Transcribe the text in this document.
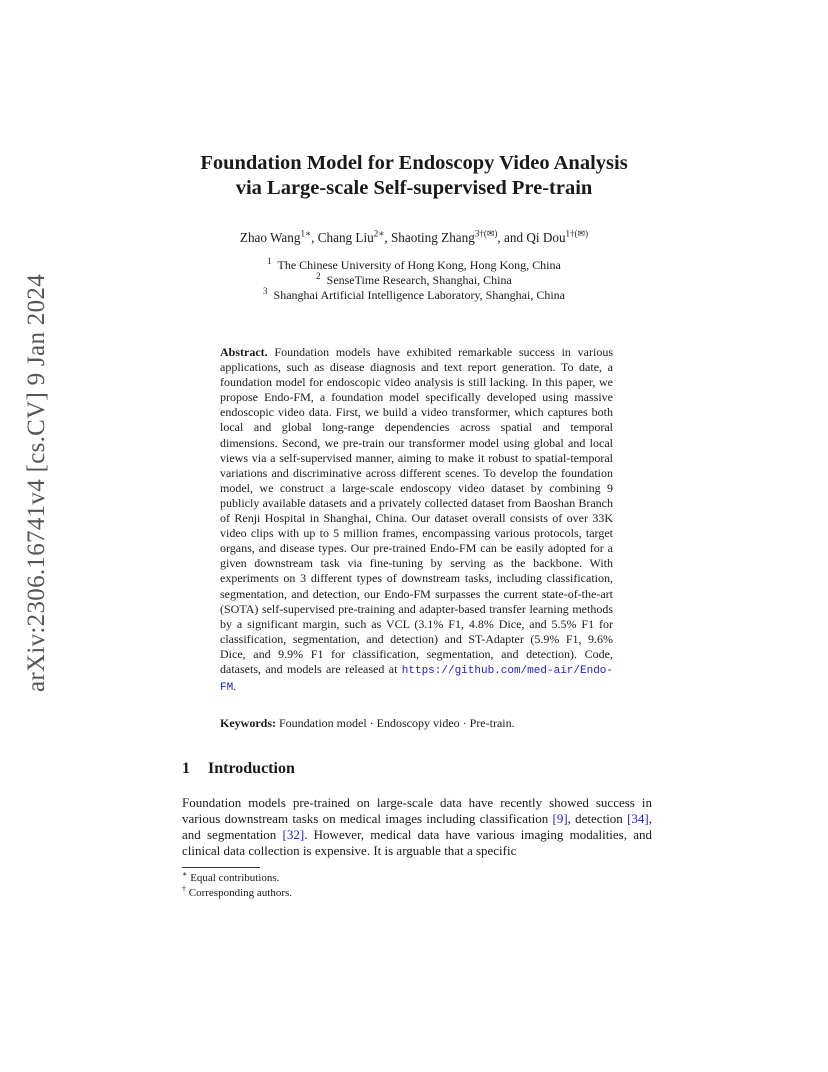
arXiv:2306.16741v4 [cs.CV] 9 Jan 2024
Foundation Model for Endoscopy Video Analysis
via Large-scale Self-supervised Pre-train
Zhao Wang$^{1∗}$, Chang Liu$^{2∗}$, Shaoting Zhang$^{3\dagger(✉)}$, and Qi Dou$^{1\dagger(✉)}$
$^1$ The Chinese University of Hong Kong, Hong Kong, China
$^2$ SenseTime Research, Shanghai, China
$^3$ Shanghai Artificial Intelligence Laboratory, Shanghai, China
Abstract. Foundation models have exhibited remarkable success in various applications, such as disease diagnosis and text report generation. To date, a foundation model for endoscopic video analysis is still lacking. In this paper, we propose Endo-FM, a foundation model specifically developed using massive endoscopic video data. First, we build a video transformer, which captures both local and global long-range dependencies across spatial and temporal dimensions. Second, we pre-train our transformer model using global and local views via a self-supervised manner, aiming to make it robust to spatial-temporal variations and discriminative across different scenes. To develop the foundation model, we construct a large-scale endoscopy video dataset by combining 9 publicly available datasets and a privately collected dataset from Baoshan Branch of Renji Hospital in Shanghai, China. Our dataset overall consists of over 33K video clips with up to 5 million frames, encompassing various protocols, target organs, and disease types. Our pre-trained Endo-FM can be easily adopted for a given downstream task via fine-tuning by serving as the backbone. With experiments on 3 different types of downstream tasks, including classification, segmentation, and detection, our Endo-FM surpasses the current state-of-the-art (SOTA) self-supervised pre-training and adapter-based transfer learning methods by a significant margin, such as VCL (3.1% F1, 4.8% Dice, and 5.5% F1 for classification, segmentation, and detection) and ST-Adapter (5.9% F1, 9.6% Dice, and 9.9% F1 for classification, segmentation, and detection). Code, datasets, and models are released at https://github.com/med-air/Endo-FM.
Keywords: Foundation model · Endoscopy video · Pre-train.
1 Introduction
Foundation models pre-trained on large-scale data have recently showed success in various downstream tasks on medical images including classification [9], detection [34], and segmentation [32]. However, medical data have various imaging modalities, and clinical data collection is expensive. It is arguable that a specific
∗ Equal contributions.
† Corresponding authors.
